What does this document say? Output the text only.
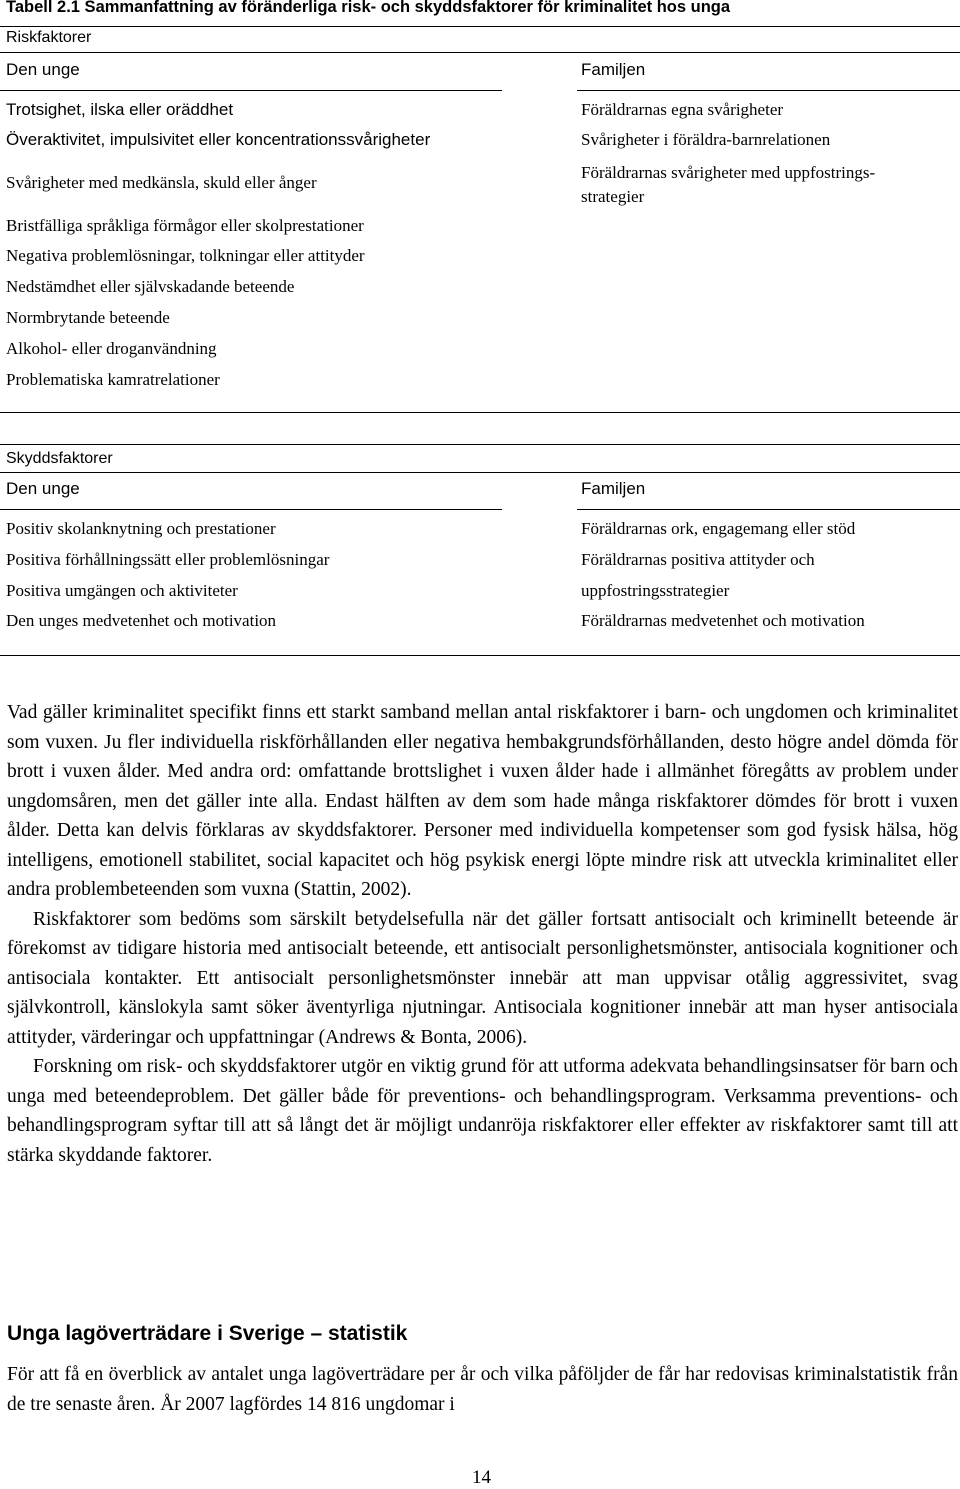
Tabell 2.1 Sammanfattning av föränderliga risk- och skyddsfaktorer för kriminalitet hos unga
Riskfaktorer
Den unge	Familjen
Trotsighet, ilska eller oräddhet
Överaktivitet, impulsivitet eller koncentrationssvårigheter
Svårigheter med medkänsla, skuld eller ånger
Bristfälliga språkliga förmågor eller skolprestationer
Negativa problemlösningar, tolkningar eller attityder
Nedstämdhet eller självskadande beteende
Normbrytande beteende
Alkohol- eller droganvändning
Problematiska kamratrelationer
Föräldrarnas egna svårigheter
Svårigheter i föräldra-barnrelationen
Föräldrarnas svårigheter med uppfostrings-
strategier
Skyddsfaktorer
Den unge	Familjen
Positiv skolanknytning och prestationer
Positiva förhållningssätt eller problemlösningar
Positiva umgängen och aktiviteter
Den unges medvetenhet och motivation
Föräldrarnas ork, engagemang eller stöd
Föräldrarnas positiva attityder och
uppfostringsstrategier
Föräldrarnas medvetenhet och motivation

Vad gäller kriminalitet specifikt finns ett starkt samband mellan antal riskfaktorer i barn- och ungdomen och kriminalitet som vuxen. Ju fler individuella riskförhållanden eller negativa hembakgrundsförhållanden, desto högre andel dömda för brott i vuxen ålder. Med andra ord: omfattande brottslighet i vuxen ålder hade i allmänhet föregåtts av problem under ungdomsåren, men det gäller inte alla. Endast hälften av dem som hade många riskfaktorer dömdes för brott i vuxen ålder. Detta kan delvis förklaras av skyddsfaktorer. Personer med individuella kompetenser som god fysisk hälsa, hög intelligens, emotionell stabilitet, social kapacitet och hög psykisk energi löpte mindre risk att utveckla kriminalitet eller andra problembeteenden som vuxna (Stattin, 2002).

Riskfaktorer som bedöms som särskilt betydelsefulla när det gäller fortsatt antisocialt och kriminellt beteende är förekomst av tidigare historia med antisocialt beteende, ett antisocialt personlighetsmönster, antisociala kognitioner och antisociala kontakter. Ett antisocialt personlighetsmönster innebär att man uppvisar otålig aggressivitet, svag självkontroll, känslokyla samt söker äventyrliga njutningar. Antisociala kognitioner innebär att man hyser antisociala attityder, värderingar och uppfattningar (Andrews & Bonta, 2006).

Forskning om risk- och skyddsfaktorer utgör en viktig grund för att utforma adekvata behandlingsinsatser för barn och unga med beteendeproblem. Det gäller både för preventions- och behandlingsprogram. Verksamma preventions- och behandlingsprogram syftar till att så långt det är möjligt undanröja riskfaktorer eller effekter av riskfaktorer samt till att stärka skyddande faktorer.

Unga lagöverträdare i Sverige – statistik

För att få en överblick av antalet unga lagöverträdare per år och vilka påföljder de får har redovisas kriminalstatistik från de tre senaste åren. År 2007 lagfördes 14 816 ungdomar i

14
